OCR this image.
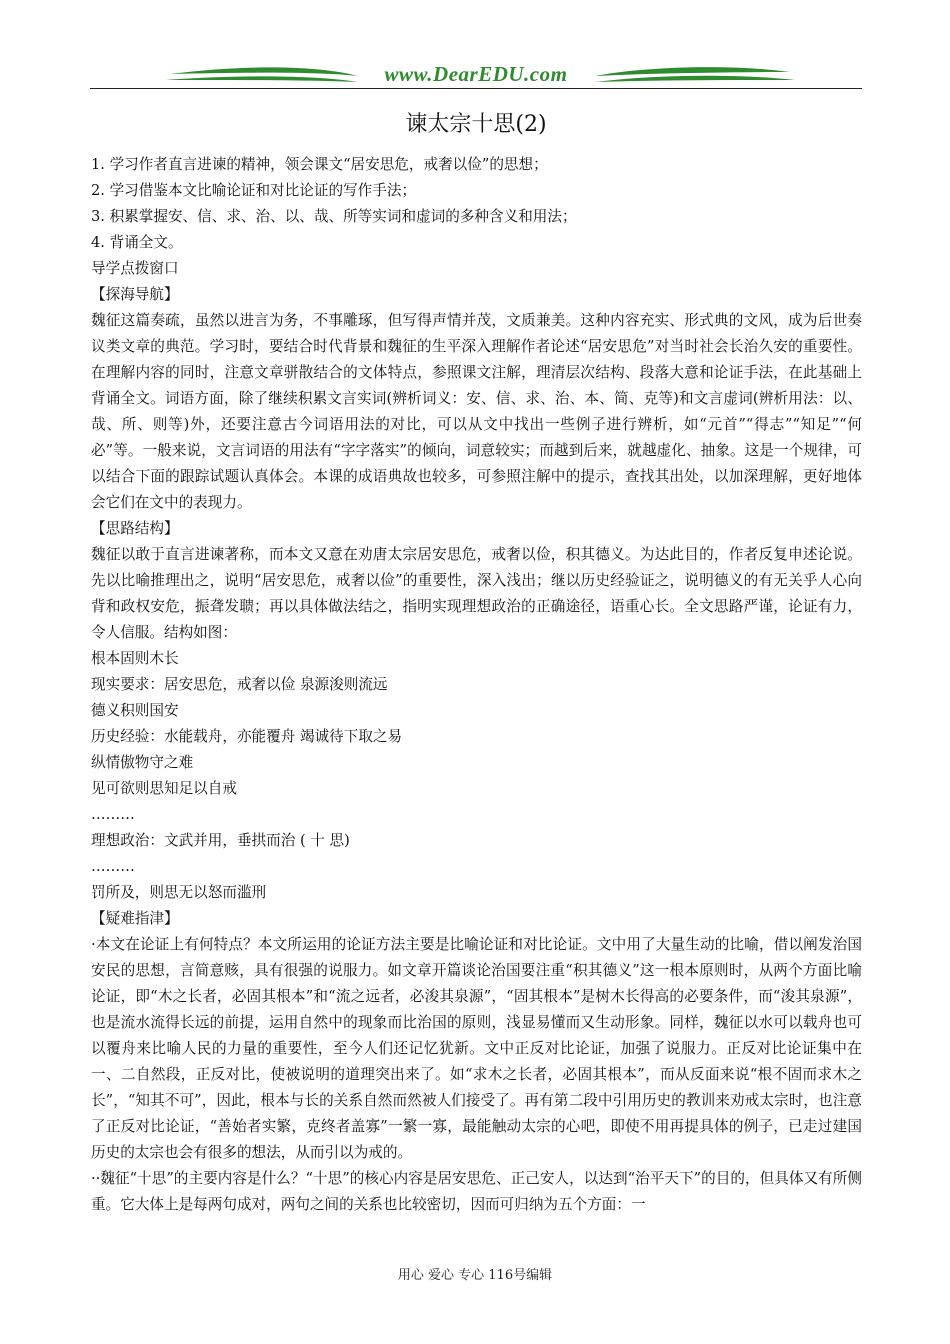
www.DearEDU.com
谏太宗十思(2)

1. 学习作者直言进谏的精神，领会课文“居安思危，戒奢以俭”的思想；

2. 学习借鉴本文比喻论证和对比论证的写作手法；

3. 积累掌握安、信、求、治、以、哉、所等实词和虚词的多种含义和用法；

4. 背诵全文。

导学点拨窗口

【探海导航】

魏征这篇奏疏，虽然以进言为务，不事雕琢，但写得声情并茂，文质兼美。这种内容充实、形式典的文风，成为后世奏议类文章的典范。学习时，要结合时代背景和魏征的生平深入理解作者论述“居安思危”对当时社会长治久安的重要性。在理解内容的同时，注意文章骈散结合的文体特点，参照课文注解，理清层次结构、段落大意和论证手法，在此基础上背诵全文。词语方面，除了继续积累文言实词(辨析词义：安、信、求、治、本、简、克等)和文言虚词(辨析用法：以、哉、所、则等)外，还要注意古今词语用法的对比，可以从文中找出一些例子进行辨析，如“元首”“得志”“知足”“何必”等。一般来说，文言词语的用法有“字字落实”的倾向，词意较实；而越到后来，就越虚化、抽象。这是一个规律，可以结合下面的跟踪试题认真体会。本课的成语典故也较多，可参照注解中的提示，查找其出处，以加深理解，更好地体会它们在文中的表现力。

【思路结构】

魏征以敢于直言进谏著称，而本文又意在劝唐太宗居安思危，戒奢以俭，积其德义。为达此目的，作者反复申述论说。先以比喻推理出之，说明“居安思危，戒奢以俭”的重要性，深入浅出；继以历史经验证之，说明德义的有无关乎人心向背和政权安危，振聋发聩；再以具体做法结之，指明实现理想政治的正确途径，语重心长。全文思路严谨，论证有力，令人信服。结构如图：

根本固则木长

现实要求：居安思危，戒奢以俭 泉源浚则流远

德义积则国安

历史经验：水能载舟，亦能覆舟 竭诚待下取之易

纵情傲物守之难

见可欲则思知足以自戒

………

理想政治：文武并用，垂拱而治 ( 十 思)

………

罚所及，则思无以怒而滥刑

【疑难指津】

·本文在论证上有何特点？本文所运用的论证方法主要是比喻论证和对比论证。文中用了大量生动的比喻，借以阐发治国安民的思想，言简意赅，具有很强的说服力。如文章开篇谈论治国要注重“积其德义”这一根本原则时，从两个方面比喻论证，即“木之长者，必固其根本”和“流之远者，必浚其泉源”，“固其根本”是树木长得高的必要条件，而“浚其泉源”，也是流水流得长远的前提，运用自然中的现象而比治国的原则，浅显易懂而又生动形象。同样，魏征以水可以载舟也可以覆舟来比喻人民的力量的重要性，至今人们还记忆犹新。文中正反对比论证，加强了说服力。正反对比论证集中在一、二自然段，正反对比，使被说明的道理突出来了。如“求木之长者，必固其根本”，而从反面来说“根不固而求木之长”，“知其不可”，因此，根本与长的关系自然而然被人们接受了。再有第二段中引用历史的教训来劝戒太宗时，也注意了正反对比论证，“善始者实繁，克终者盖寡”一繁一寡，最能触动太宗的心吧，即使不用再提具体的例子，已走过建国历史的太宗也会有很多的想法，从而引以为戒的。

··魏征“十思”的主要内容是什么？“十思”的核心内容是居安思危、正己安人，以达到“治平天下”的目的，但具体又有所侧重。它大体上是每两句成对，两句之间的关系也比较密切，因而可归纳为五个方面：一

用心 爱心 专心 116号编辑
